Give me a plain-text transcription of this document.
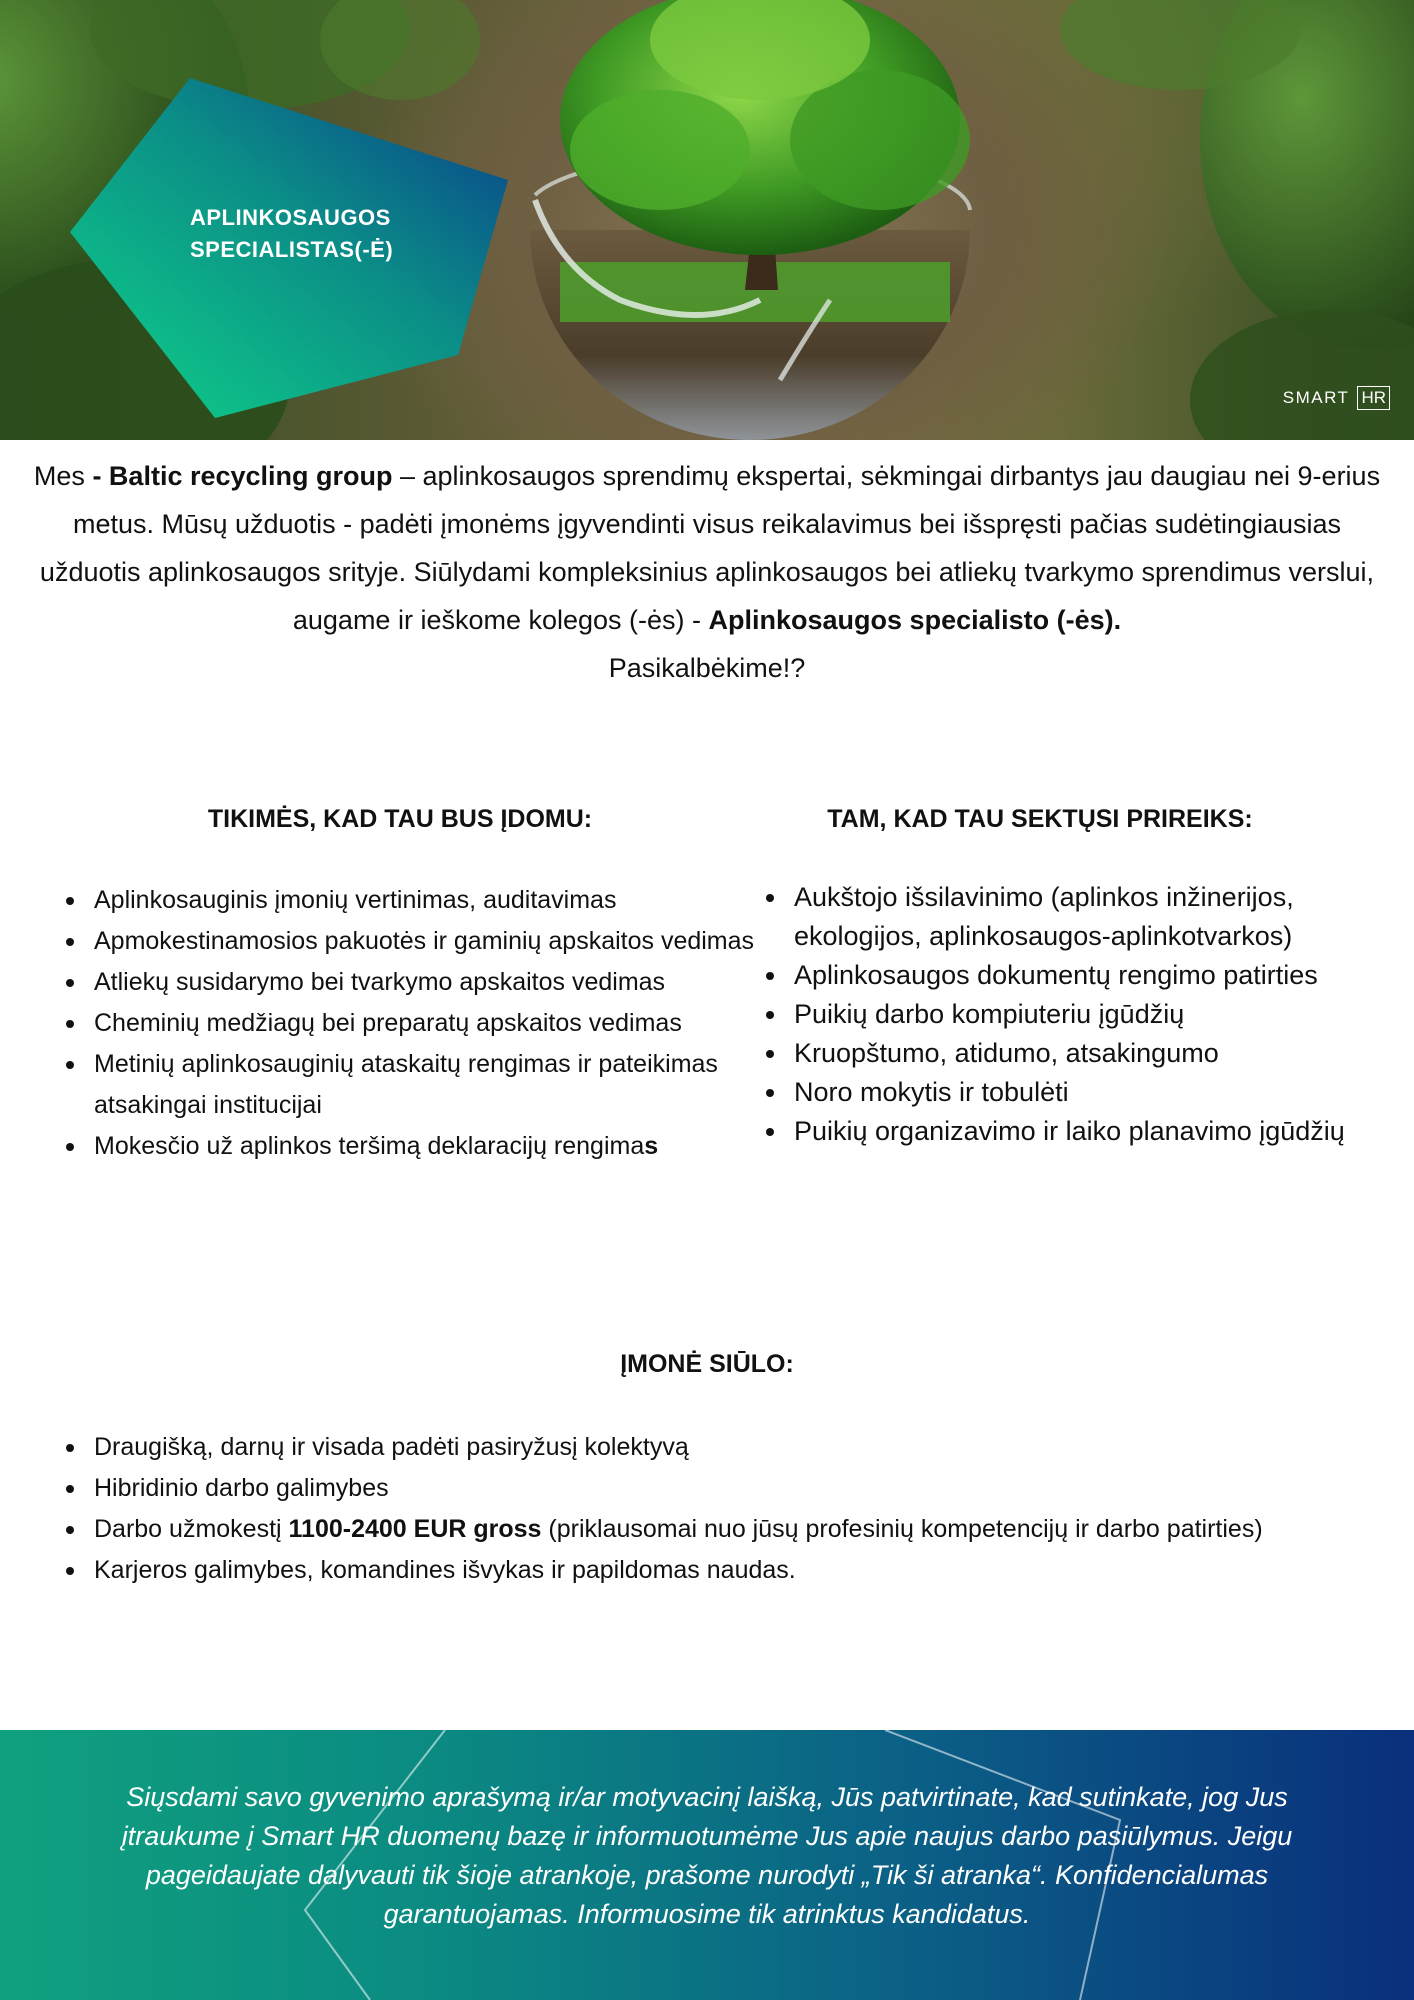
APLINKOSAUGOS
SPECIALISTAS(-Ė)
SMART HR
Mes - Baltic recycling group – aplinkosaugos sprendimų ekspertai, sėkmingai dirbantys jau daugiau nei 9-erius metus. Mūsų užduotis - padėti įmonėms įgyvendinti visus reikalavimus bei išspręsti pačias sudėtingiausias užduotis aplinkosaugos srityje. Siūlydami kompleksinius aplinkosaugos bei atliekų tvarkymo sprendimus verslui, augame ir ieškome kolegos (-ės) - Aplinkosaugos specialisto (-ės).
Pasikalbėkime!?
TIKIMĖS, KAD TAU BUS ĮDOMU:
Aplinkosauginis įmonių vertinimas, auditavimas
Apmokestinamosios pakuotės ir gaminių apskaitos vedimas
Atliekų susidarymo bei tvarkymo apskaitos vedimas
Cheminių medžiagų bei preparatų apskaitos vedimas
Metinių aplinkosauginių ataskaitų rengimas ir pateikimas atsakingai institucijai
Mokesčio už aplinkos teršimą deklaracijų rengimas
TAM, KAD TAU SEKTŲSI PRIREIKS:
Aukštojo išsilavinimo (aplinkos inžinerijos, ekologijos, aplinkosaugos-aplinkotvarkos)
Aplinkosaugos dokumentų rengimo patirties
Puikių darbo kompiuteriu įgūdžių
Kruopštumo, atidumo, atsakingumo
Noro mokytis ir tobulėti
Puikių organizavimo ir laiko planavimo įgūdžių
ĮMONĖ SIŪLO:
Draugišką, darnų ir visada padėti pasiryžusį kolektyvą
Hibridinio darbo galimybes
Darbo užmokestį 1100-2400 EUR gross (priklausomai nuo jūsų profesinių kompetencijų ir darbo patirties)
Karjeros galimybes, komandines išvykas ir papildomas naudas.
Siųsdami savo gyvenimo aprašymą ir/ar motyvacinį laišką, Jūs patvirtinate, kad sutinkate, jog Jus įtraukume į Smart HR duomenų bazę ir informuotumėme Jus apie naujus darbo pasiūlymus. Jeigu pageidaujate dalyvauti tik šioje atrankoje, prašome nurodyti „Tik ši atranka“. Konfidencialumas garantuojamas. Informuosime tik atrinktus kandidatus.
